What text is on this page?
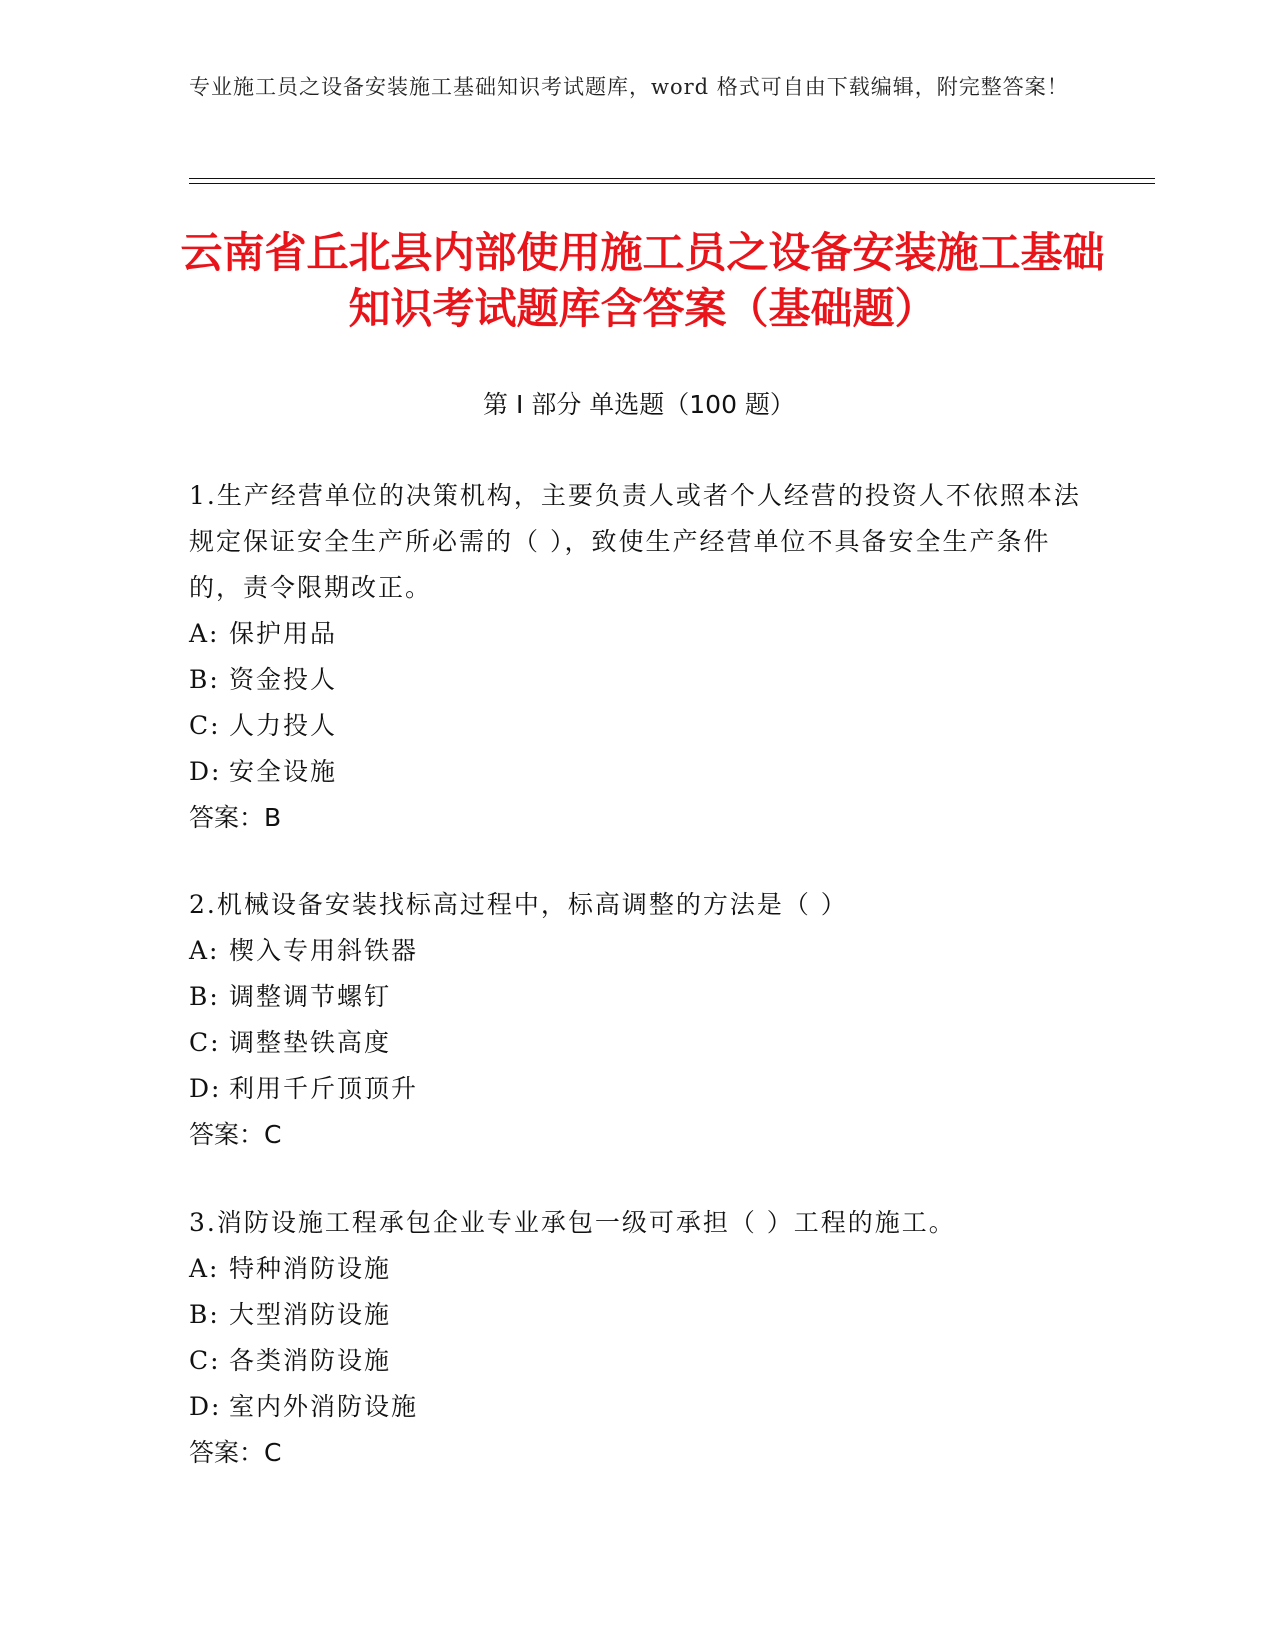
专业施工员之设备安装施工基础知识考试题库，word 格式可自由下载编辑，附完整答案！
云南省丘北县内部使用施工员之设备安装施工基础知识考试题库含答案（基础题）
第 I 部分 单选题（100 题）

1.生产经营单位的决策机构，主要负责人或者个人经营的投资人不依照本法规定保证安全生产所必需的（ ），致使生产经营单位不具备安全生产条件的，责令限期改正。

A: 保护用品
B: 资金投人
C: 人力投人
D: 安全设施
答案：B

2.机械设备安装找标高过程中，标高调整的方法是（ ）

A: 楔入专用斜铁器
B: 调整调节螺钉
C: 调整垫铁高度
D: 利用千斤顶顶升
答案：C

3.消防设施工程承包企业专业承包一级可承担（ ）工程的施工。

A: 特种消防设施
B: 大型消防设施
C: 各类消防设施
D: 室内外消防设施
答案：C
